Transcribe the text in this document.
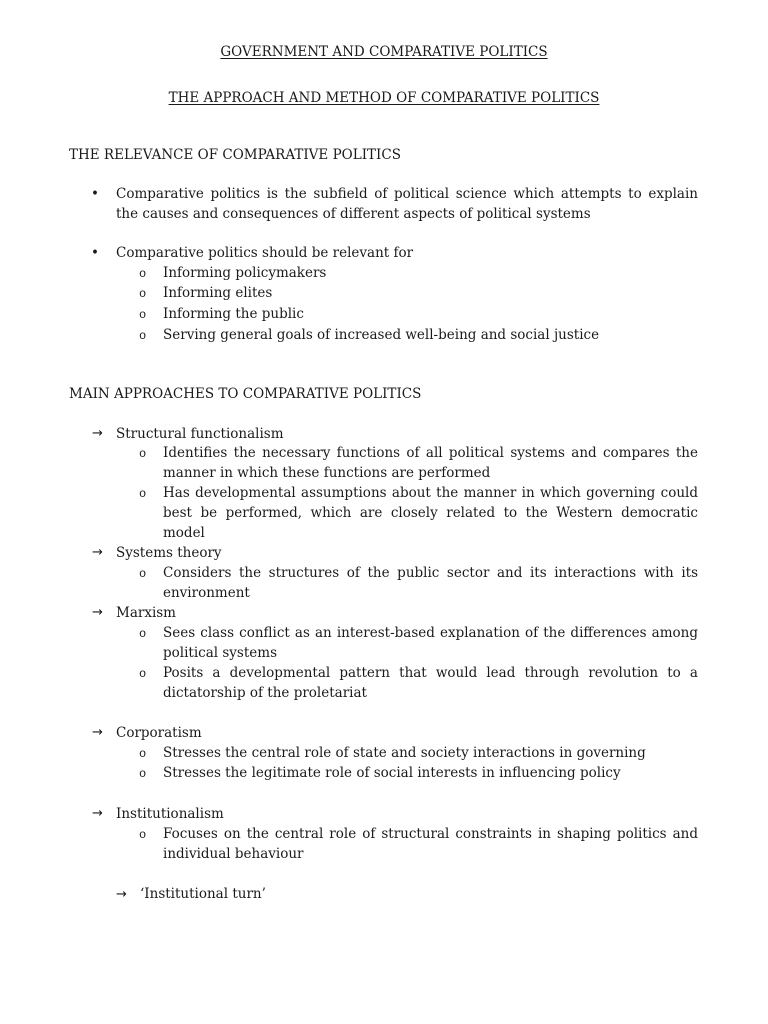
GOVERNMENT AND COMPARATIVE POLITICS
THE APPROACH AND METHOD OF COMPARATIVE POLITICS
THE RELEVANCE OF COMPARATIVE POLITICS
• Comparative politics is the subfield of political science which attempts to explain the causes and consequences of different aspects of political systems
• Comparative politics should be relevant for
o Informing policymakers
o Informing elites
o Informing the public
o Serving general goals of increased well-being and social justice
MAIN APPROACHES TO COMPARATIVE POLITICS
→ Structural functionalism
o Identifies the necessary functions of all political systems and compares the manner in which these functions are performed
o Has developmental assumptions about the manner in which governing could best be performed, which are closely related to the Western democratic model
→ Systems theory
o Considers the structures of the public sector and its interactions with its environment
→ Marxism
o Sees class conflict as an interest-based explanation of the differences among political systems
o Posits a developmental pattern that would lead through revolution to a dictatorship of the proletariat
→ Corporatism
o Stresses the central role of state and society interactions in governing
o Stresses the legitimate role of social interests in influencing policy
→ Institutionalism
o Focuses on the central role of structural constraints in shaping politics and individual behaviour
→ ‘Institutional turn’
